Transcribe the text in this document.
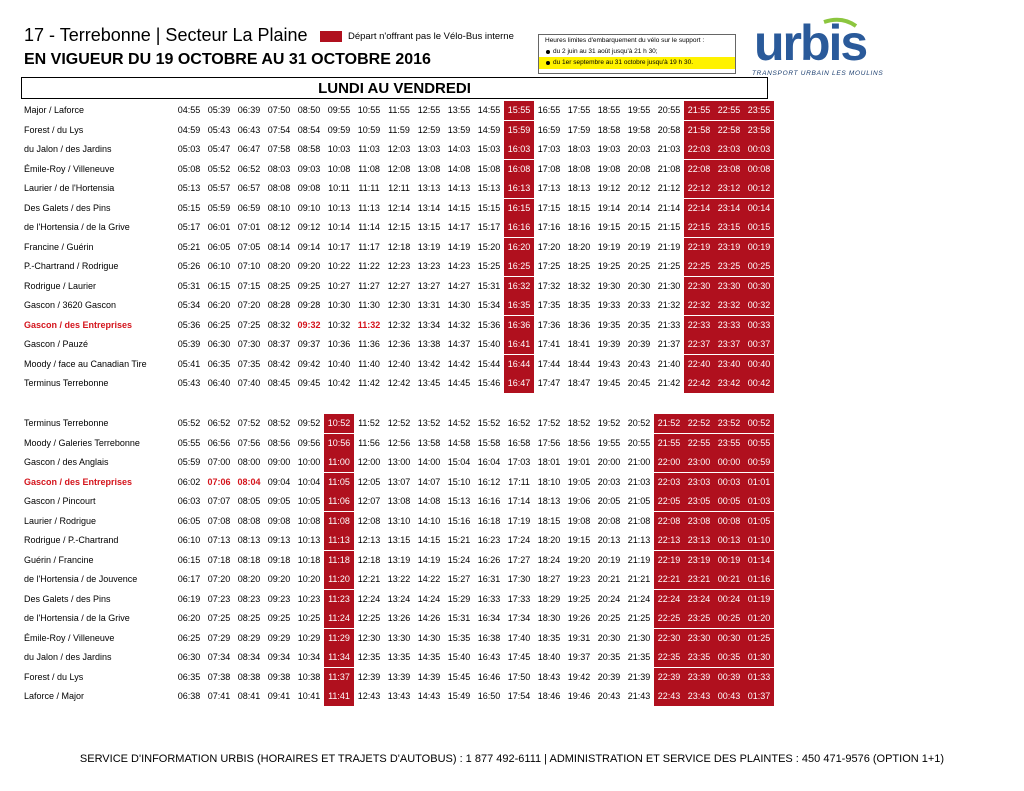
17 - Terrebonne | Secteur La Plaine
EN VIGUEUR DU 19 OCTOBRE AU 31 OCTOBRE 2016
Départ n'offrant pas le Vélo-Bus interne	Heures limites d'embarquement du vélo sur le support :
du 2 juin au 31 août jusqu'à 21 h 30;
du 1er septembre au 31 octobre jusqu'à 19 h 30.	urbis
TRANSPORT URBAIN LES MOULINS
LUNDI AU VENDREDI
Major / Laforce	04:55 05:39 06:39 07:50 08:50 09:55 10:55 11:55 12:55 13:55 14:55 15:55 16:55 17:55 18:55 19:55 20:55 21:55 22:55 23:55
Forest / du Lys	04:59 05:43 06:43 07:54 08:54 09:59 10:59 11:59 12:59 13:59 14:59 15:59 16:59 17:59 18:58 19:58 20:58 21:58 22:58 23:58
du Jalon / des Jardins	05:03 05:47 06:47 07:58 08:58 10:03 11:03 12:03 13:03 14:03 15:03 16:03 17:03 18:03 19:03 20:03 21:03 22:03 23:03 00:03
Émile-Roy / Villeneuve	05:08 05:52 06:52 08:03 09:03 10:08 11:08 12:08 13:08 14:08 15:08 16:08 17:08 18:08 19:08 20:08 21:08 22:08 23:08 00:08
Laurier / de l'Hortensia	05:13 05:57 06:57 08:08 09:08 10:11 11:11 12:11 13:13 14:13 15:13 16:13 17:13 18:13 19:12 20:12 21:12 22:12 23:12 00:12
Des Galets / des Pins	05:15 05:59 06:59 08:10 09:10 10:13 11:13 12:14 13:14 14:15 15:15 16:15 17:15 18:15 19:14 20:14 21:14 22:14 23:14 00:14
de l'Hortensia / de la Grive	05:17 06:01 07:01 08:12 09:12 10:14 11:14 12:15 13:15 14:17 15:17 16:16 17:16 18:16 19:15 20:15 21:15 22:15 23:15 00:15
Francine / Guérin	05:21 06:05 07:05 08:14 09:14 10:17 11:17 12:18 13:19 14:19 15:20 16:20 17:20 18:20 19:19 20:19 21:19 22:19 23:19 00:19
P.-Chartrand / Rodrigue	05:26 06:10 07:10 08:20 09:20 10:22 11:22 12:23 13:23 14:23 15:25 16:25 17:25 18:25 19:25 20:25 21:25 22:25 23:25 00:25
Rodrigue / Laurier	05:31 06:15 07:15 08:25 09:25 10:27 11:27 12:27 13:27 14:27 15:31 16:32 17:32 18:32 19:30 20:30 21:30 22:30 23:30 00:30
Gascon / 3620 Gascon	05:34 06:20 07:20 08:28 09:28 10:30 11:30 12:30 13:31 14:30 15:34 16:35 17:35 18:35 19:33 20:33 21:32 22:32 23:32 00:32
Gascon / des Entreprises	05:36 06:25 07:25 08:32 09:32 10:32 11:32 12:32 13:34 14:32 15:36 16:36 17:36 18:36 19:35 20:35 21:33 22:33 23:33 00:33
Gascon / Pauzé	05:39 06:30 07:30 08:37 09:37 10:36 11:36 12:36 13:38 14:37 15:40 16:41 17:41 18:41 19:39 20:39 21:37 22:37 23:37 00:37
Moody / face au Canadian Tire	05:41 06:35 07:35 08:42 09:42 10:40 11:40 12:40 13:42 14:42 15:44 16:44 17:44 18:44 19:43 20:43 21:40 22:40 23:40 00:40
Terminus Terrebonne	05:43 06:40 07:40 08:45 09:45 10:42 11:42 12:42 13:45 14:45 15:46 16:47 17:47 18:47 19:45 20:45 21:42 22:42 23:42 00:42
Terminus Terrebonne	05:52 06:52 07:52 08:52 09:52 10:52 11:52 12:52 13:52 14:52 15:52 16:52 17:52 18:52 19:52 20:52 21:52 22:52 23:52 00:52
Moody / Galeries Terrebonne	05:55 06:56 07:56 08:56 09:56 10:56 11:56 12:56 13:58 14:58 15:58 16:58 17:56 18:56 19:55 20:55 21:55 22:55 23:55 00:55
Gascon / des Anglais	05:59 07:00 08:00 09:00 10:00 11:00 12:00 13:00 14:00 15:04 16:04 17:03 18:01 19:01 20:00 21:00 22:00 23:00 00:00 00:59
Gascon / des Entreprises	06:02 07:06 08:04 09:04 10:04 11:05 12:05 13:07 14:07 15:10 16:12 17:11 18:10 19:05 20:03 21:03 22:03 23:03 00:03 01:01
Gascon / Pincourt	06:03 07:07 08:05 09:05 10:05 11:06 12:07 13:08 14:08 15:13 16:16 17:14 18:13 19:06 20:05 21:05 22:05 23:05 00:05 01:03
Laurier / Rodrigue	06:05 07:08 08:08 09:08 10:08 11:08 12:08 13:10 14:10 15:16 16:18 17:19 18:15 19:08 20:08 21:08 22:08 23:08 00:08 01:05
Rodrigue / P.-Chartrand	06:10 07:13 08:13 09:13 10:13 11:13 12:13 13:15 14:15 15:21 16:23 17:24 18:20 19:15 20:13 21:13 22:13 23:13 00:13 01:10
Guérin / Francine	06:15 07:18 08:18 09:18 10:18 11:18 12:18 13:19 14:19 15:24 16:26 17:27 18:24 19:20 20:19 21:19 22:19 23:19 00:19 01:14
de l'Hortensia / de Jouvence	06:17 07:20 08:20 09:20 10:20 11:20 12:21 13:22 14:22 15:27 16:31 17:30 18:27 19:23 20:21 21:21 22:21 23:21 00:21 01:16
Des Galets / des Pins	06:19 07:23 08:23 09:23 10:23 11:23 12:24 13:24 14:24 15:29 16:33 17:33 18:29 19:25 20:24 21:24 22:24 23:24 00:24 01:19
de l'Hortensia / de la Grive	06:20 07:25 08:25 09:25 10:25 11:24 12:25 13:26 14:26 15:31 16:34 17:34 18:30 19:26 20:25 21:25 22:25 23:25 00:25 01:20
Émile-Roy / Villeneuve	06:25 07:29 08:29 09:29 10:29 11:29 12:30 13:30 14:30 15:35 16:38 17:40 18:35 19:31 20:30 21:30 22:30 23:30 00:30 01:25
du Jalon / des Jardins	06:30 07:34 08:34 09:34 10:34 11:34 12:35 13:35 14:35 15:40 16:43 17:45 18:40 19:37 20:35 21:35 22:35 23:35 00:35 01:30
Forest / du Lys	06:35 07:38 08:38 09:38 10:38 11:37 12:39 13:39 14:39 15:45 16:46 17:50 18:43 19:42 20:39 21:39 22:39 23:39 00:39 01:33
Laforce / Major	06:38 07:41 08:41 09:41 10:41 11:41 12:43 13:43 14:43 15:49 16:50 17:54 18:46 19:46 20:43 21:43 22:43 23:43 00:43 01:37
SERVICE D'INFORMATION URBIS (HORAIRES ET TRAJETS D'AUTOBUS) : 1 877 492-6111 | ADMINISTRATION ET SERVICE DES PLAINTES : 450 471-9576 (OPTION 1+1)
